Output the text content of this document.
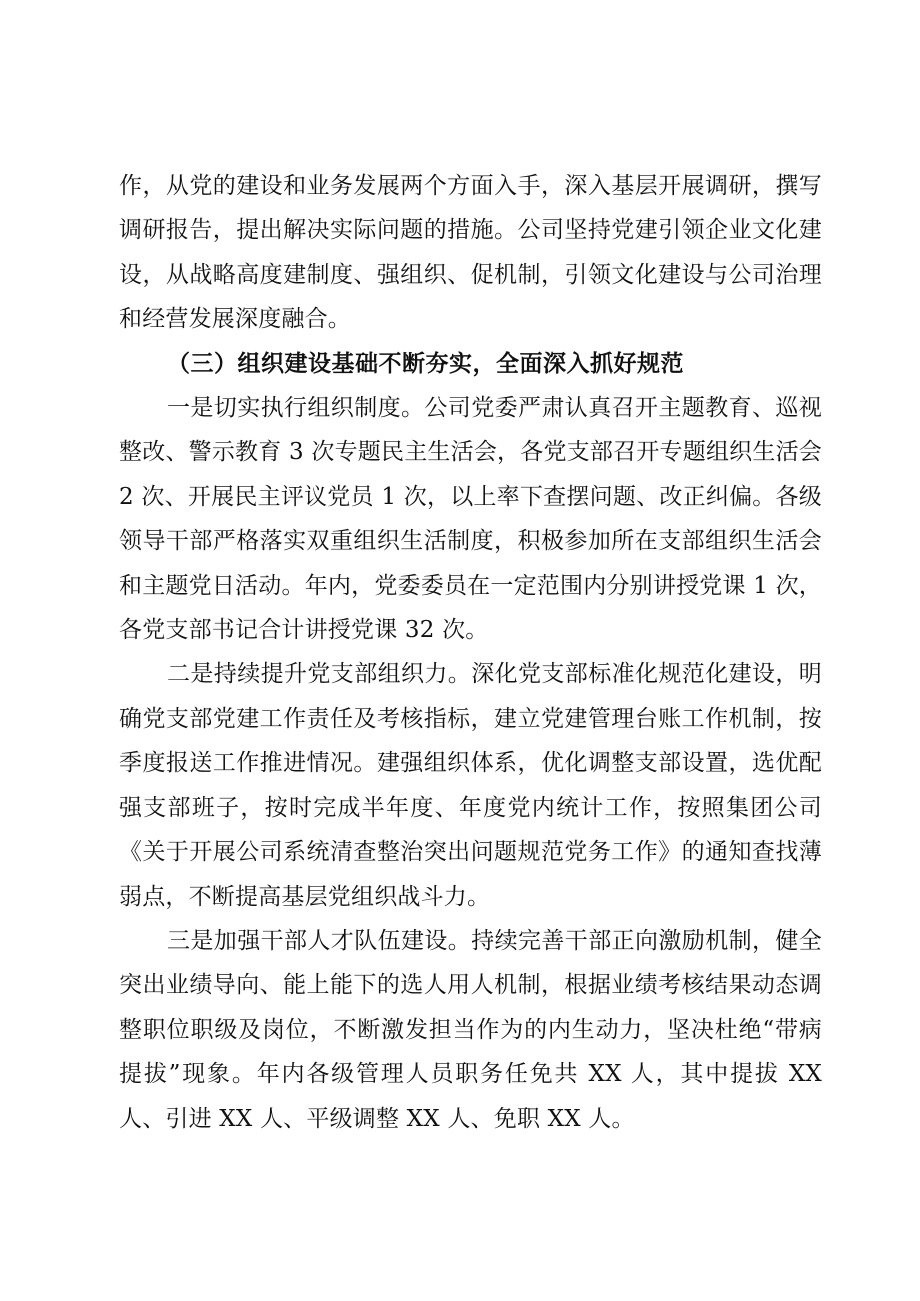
作，从党的建设和业务发展两个方面入手，深入基层开展调研，撰写调研报告，提出解决实际问题的措施。公司坚持党建引领企业文化建设，从战略高度建制度、强组织、促机制，引领文化建设与公司治理和经营发展深度融合。

（三）组织建设基础不断夯实，全面深入抓好规范

一是切实执行组织制度。公司党委严肃认真召开主题教育、巡视整改、警示教育 3 次专题民主生活会，各党支部召开专题组织生活会 2 次、开展民主评议党员 1 次，以上率下查摆问题、改正纠偏。各级领导干部严格落实双重组织生活制度，积极参加所在支部组织生活会和主题党日活动。年内，党委委员在一定范围内分别讲授党课 1 次，各党支部书记合计讲授党课 32 次。

二是持续提升党支部组织力。深化党支部标准化规范化建设，明确党支部党建工作责任及考核指标，建立党建管理台账工作机制，按季度报送工作推进情况。建强组织体系，优化调整支部设置，选优配强支部班子，按时完成半年度、年度党内统计工作，按照集团公司《关于开展公司系统清查整治突出问题规范党务工作》的通知查找薄弱点，不断提高基层党组织战斗力。

三是加强干部人才队伍建设。持续完善干部正向激励机制，健全突出业绩导向、能上能下的选人用人机制，根据业绩考核结果动态调整职位职级及岗位，不断激发担当作为的内生动力，坚决杜绝“带病提拔”现象。年内各级管理人员职务任免共 XX 人，其中提拔 XX 人、引进 XX 人、平级调整 XX 人、免职 XX 人。
